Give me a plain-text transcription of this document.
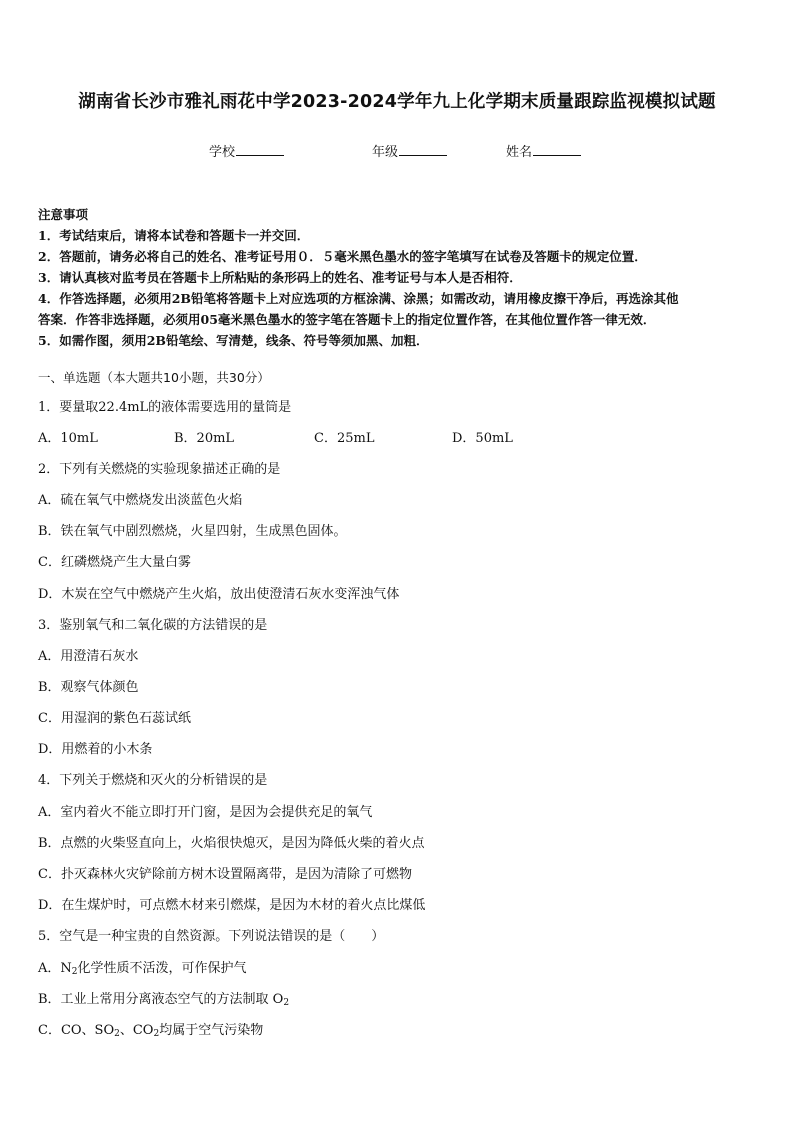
湖南省长沙市雅礼雨花中学2023-2024学年九上化学期末质量跟踪监视模拟试题
学校	年级	姓名
注意事项
1．考试结束后，请将本试卷和答题卡一并交回．
2．答题前，请务必将自己的姓名、准考证号用０．５毫米黑色墨水的签字笔填写在试卷及答题卡的规定位置．
3．请认真核对监考员在答题卡上所粘贴的条形码上的姓名、准考证号与本人是否相符．
4．作答选择题，必须用2B铅笔将答题卡上对应选项的方框涂满、涂黑；如需改动，请用橡皮擦干净后，再选涂其他
答案．作答非选择题，必须用05毫米黑色墨水的签字笔在答题卡上的指定位置作答，在其他位置作答一律无效．
5．如需作图，须用2B铅笔绘、写清楚，线条、符号等须加黑、加粗．
一、单选题（本大题共10小题，共30分）
1．要量取22.4mL的液体需要选用的量筒是
A．10mL	B．20mL	C．25mL	D．50mL
2．下列有关燃烧的实验现象描述正确的是
A．硫在氧气中燃烧发出淡蓝色火焰
B．铁在氧气中剧烈燃烧，火星四射，生成黑色固体。
C．红磷燃烧产生大量白雾
D．木炭在空气中燃烧产生火焰，放出使澄清石灰水变浑浊气体
3．鉴别氧气和二氧化碳的方法错误的是
A．用澄清石灰水
B．观察气体颜色
C．用湿润的紫色石蕊试纸
D．用燃着的小木条
4．下列关于燃烧和灭火的分析错误的是
A．室内着火不能立即打开门窗，是因为会提供充足的氧气
B．点燃的火柴竖直向上，火焰很快熄灭，是因为降低火柴的着火点
C．扑灭森林火灾铲除前方树木设置隔离带，是因为清除了可燃物
D．在生煤炉时，可点燃木材来引燃煤，是因为木材的着火点比煤低
5．空气是一种宝贵的自然资源。下列说法错误的是（　　）
A．$N_2$化学性质不活泼，可作保护气
B．工业上常用分离液态空气的方法制取 $O_2$
C．CO、$SO_2$、$CO_2$均属于空气污染物
